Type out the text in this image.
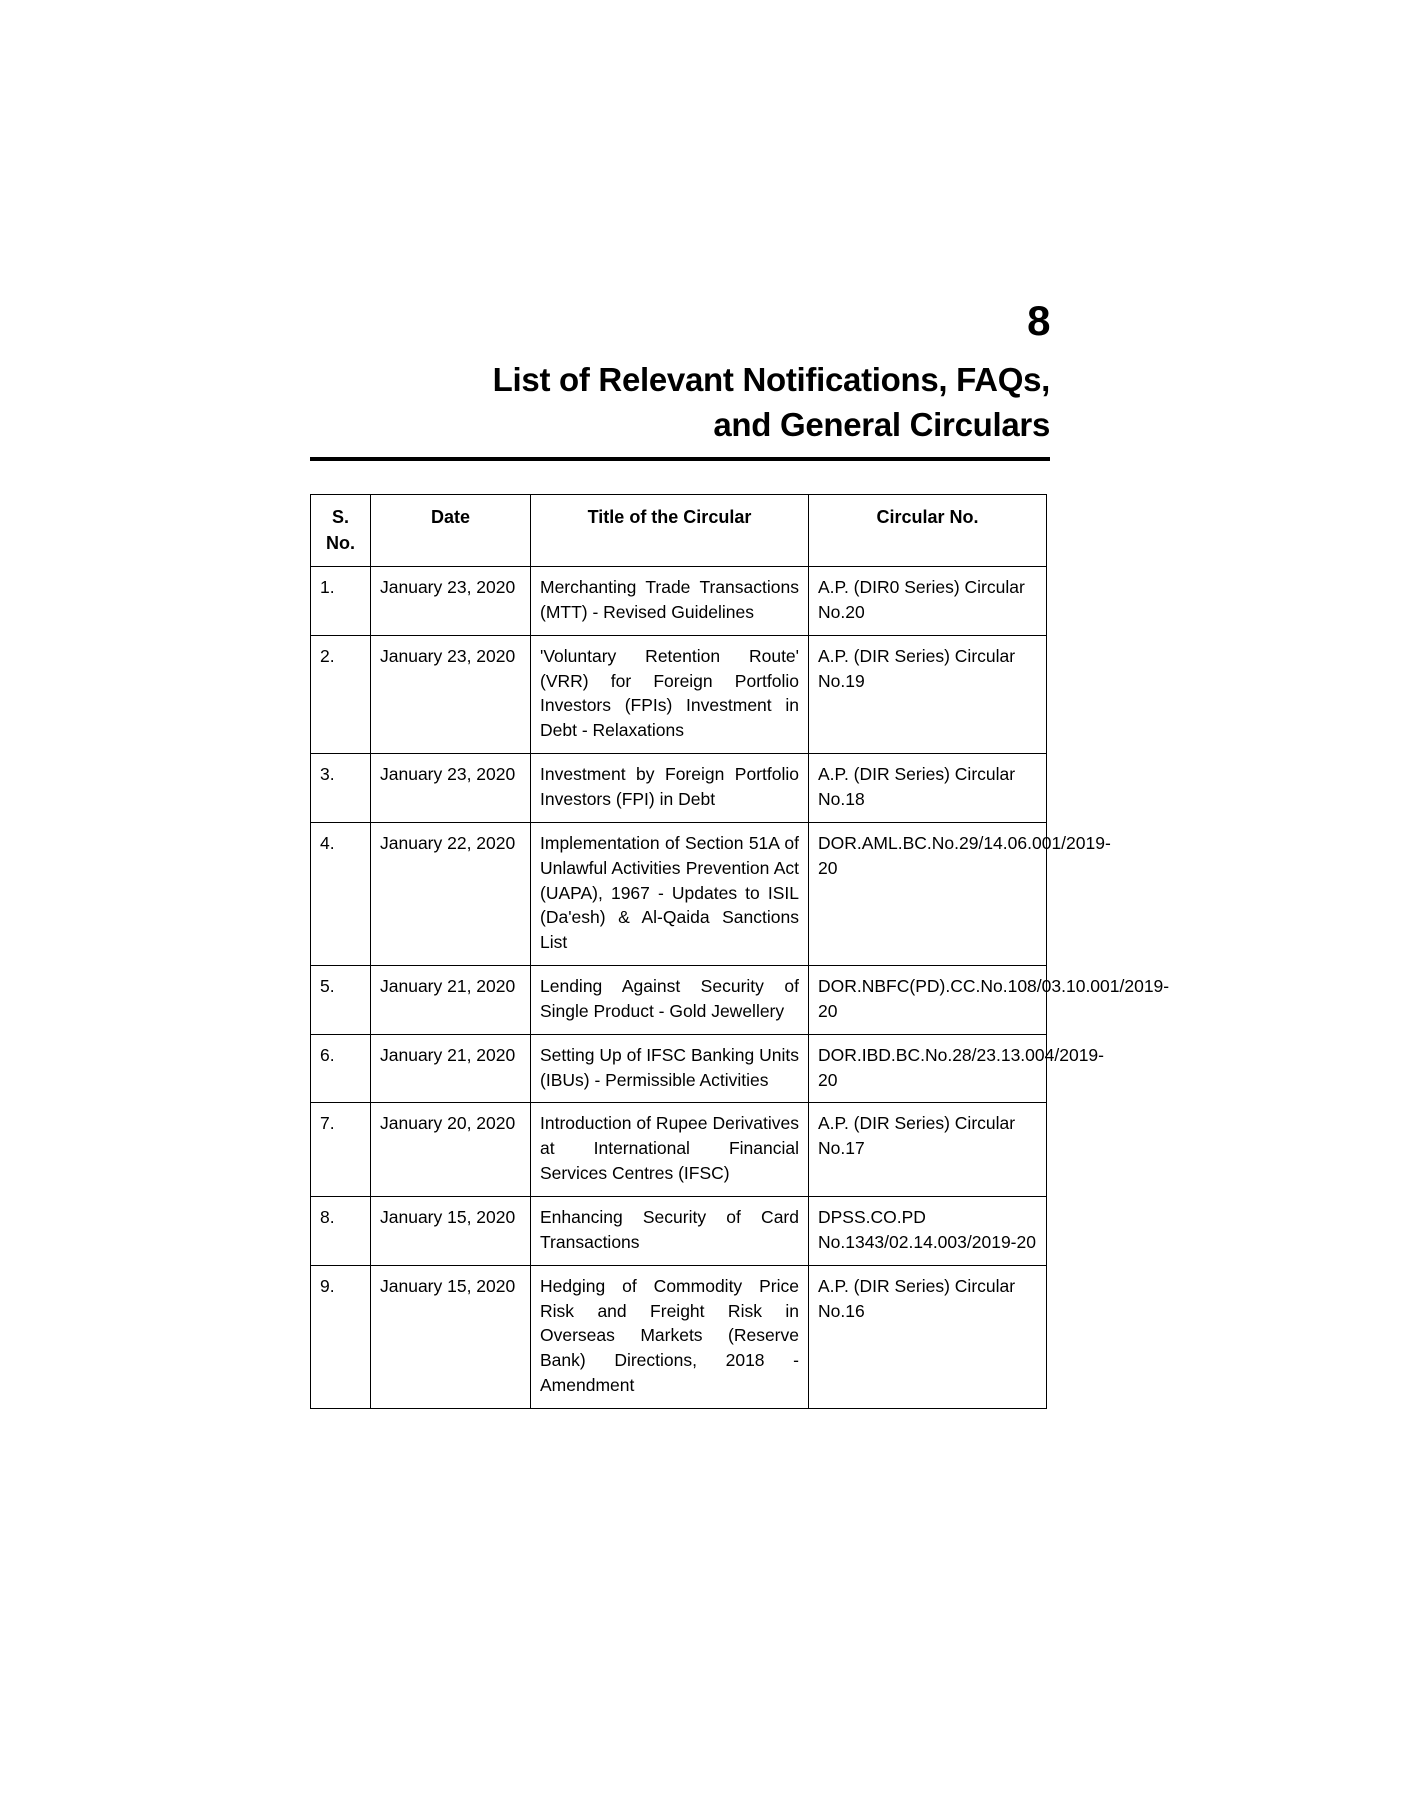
8
List of Relevant Notifications, FAQs,
and General Circulars
S.
No.	Date	Title of the Circular	Circular No.
1.	January 23, 2020	Merchanting Trade Transactions (MTT) - Revised Guidelines	A.P. (DIR0 Series) Circular No.20
2.	January 23, 2020	'Voluntary Retention Route' (VRR) for Foreign Portfolio Investors (FPIs) Investment in Debt - Relaxations	A.P. (DIR Series) Circular No.19
3.	January 23, 2020	Investment by Foreign Portfolio Investors (FPI) in Debt	A.P. (DIR Series) Circular No.18
4.	January 22, 2020	Implementation of Section 51A of Unlawful Activities Prevention Act (UAPA), 1967 - Updates to ISIL (Da'esh) & Al-Qaida Sanctions List	DOR.AML.BC.No.29/14.06.001/2019-20
5.	January 21, 2020	Lending Against Security of Single Product - Gold Jewellery	DOR.NBFC(PD).CC.No.108/03.10.001/2019-20
6.	January 21, 2020	Setting Up of IFSC Banking Units (IBUs) - Permissible Activities	DOR.IBD.BC.No.28/23.13.004/2019-20
7.	January 20, 2020	Introduction of Rupee Derivatives at International Financial Services Centres (IFSC)	A.P. (DIR Series) Circular No.17
8.	January 15, 2020	Enhancing Security of Card Transactions	DPSS.CO.PD No.1343/02.14.003/2019-20
9.	January 15, 2020	Hedging of Commodity Price Risk and Freight Risk in Overseas Markets (Reserve Bank) Directions, 2018 - Amendment	A.P. (DIR Series) Circular No.16
